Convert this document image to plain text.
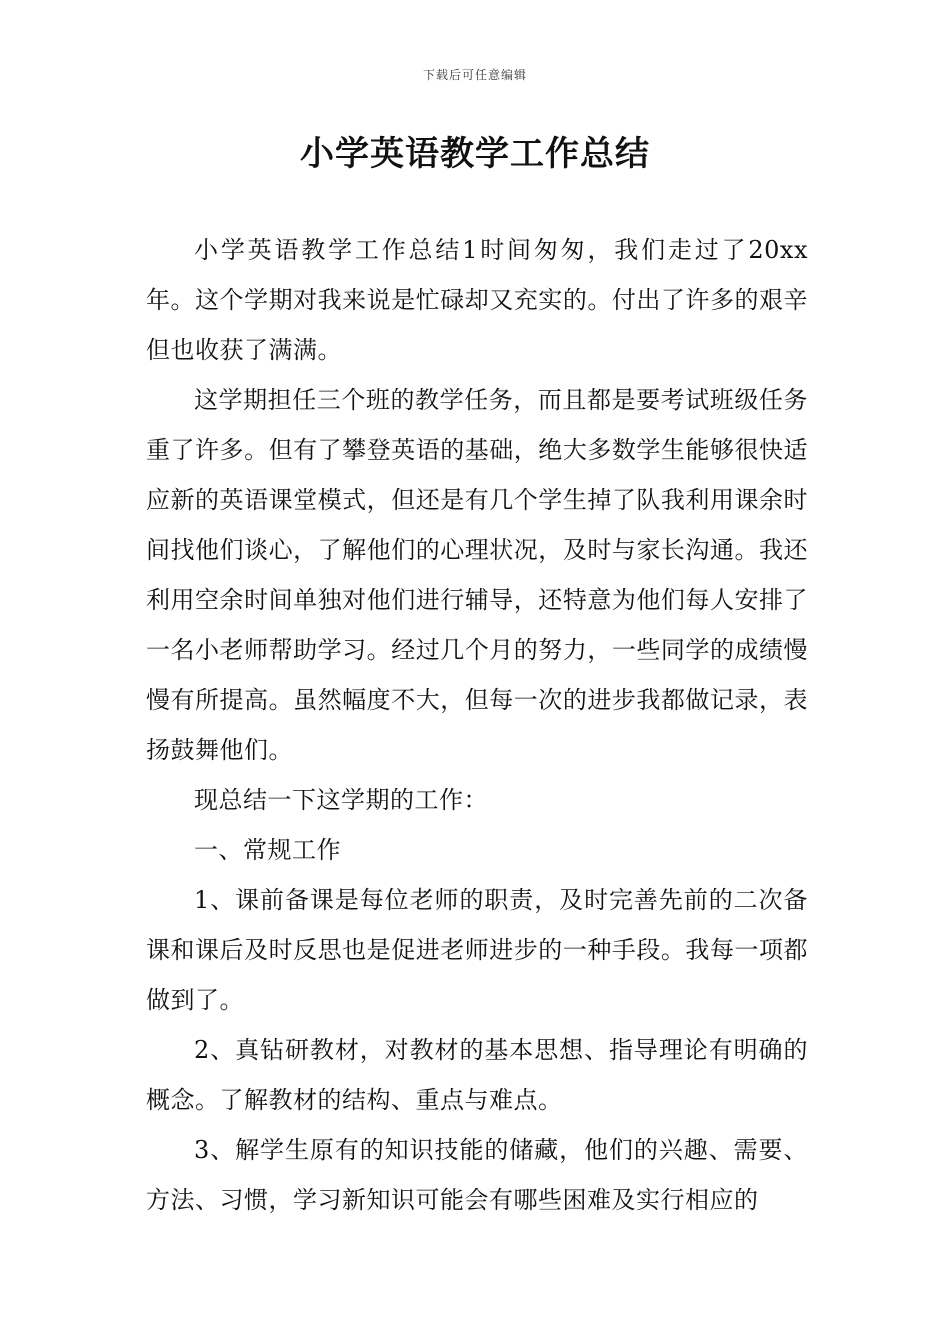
下载后可任意编辑
小学英语教学工作总结

小学英语教学工作总结1时间匆匆，我们走过了20xx年。这个学期对我来说是忙碌却又充实的。付出了许多的艰辛但也收获了满满。

这学期担任三个班的教学任务，而且都是要考试班级任务重了许多。但有了攀登英语的基础，绝大多数学生能够很快适应新的英语课堂模式，但还是有几个学生掉了队我利用课余时间找他们谈心，了解他们的心理状况，及时与家长沟通。我还利用空余时间单独对他们进行辅导，还特意为他们每人安排了一名小老师帮助学习。经过几个月的努力，一些同学的成绩慢慢有所提高。虽然幅度不大，但每一次的进步我都做记录，表扬鼓舞他们。

现总结一下这学期的工作：

一、常规工作

1、课前备课是每位老师的职责，及时完善先前的二次备课和课后及时反思也是促进老师进步的一种手段。我每一项都做到了。

2、真钻研教材，对教材的基本思想、指导理论有明确的概念。了解教材的结构、重点与难点。

3、解学生原有的知识技能的储藏，他们的兴趣、需要、方法、习惯，学习新知识可能会有哪些困难及实行相应的
